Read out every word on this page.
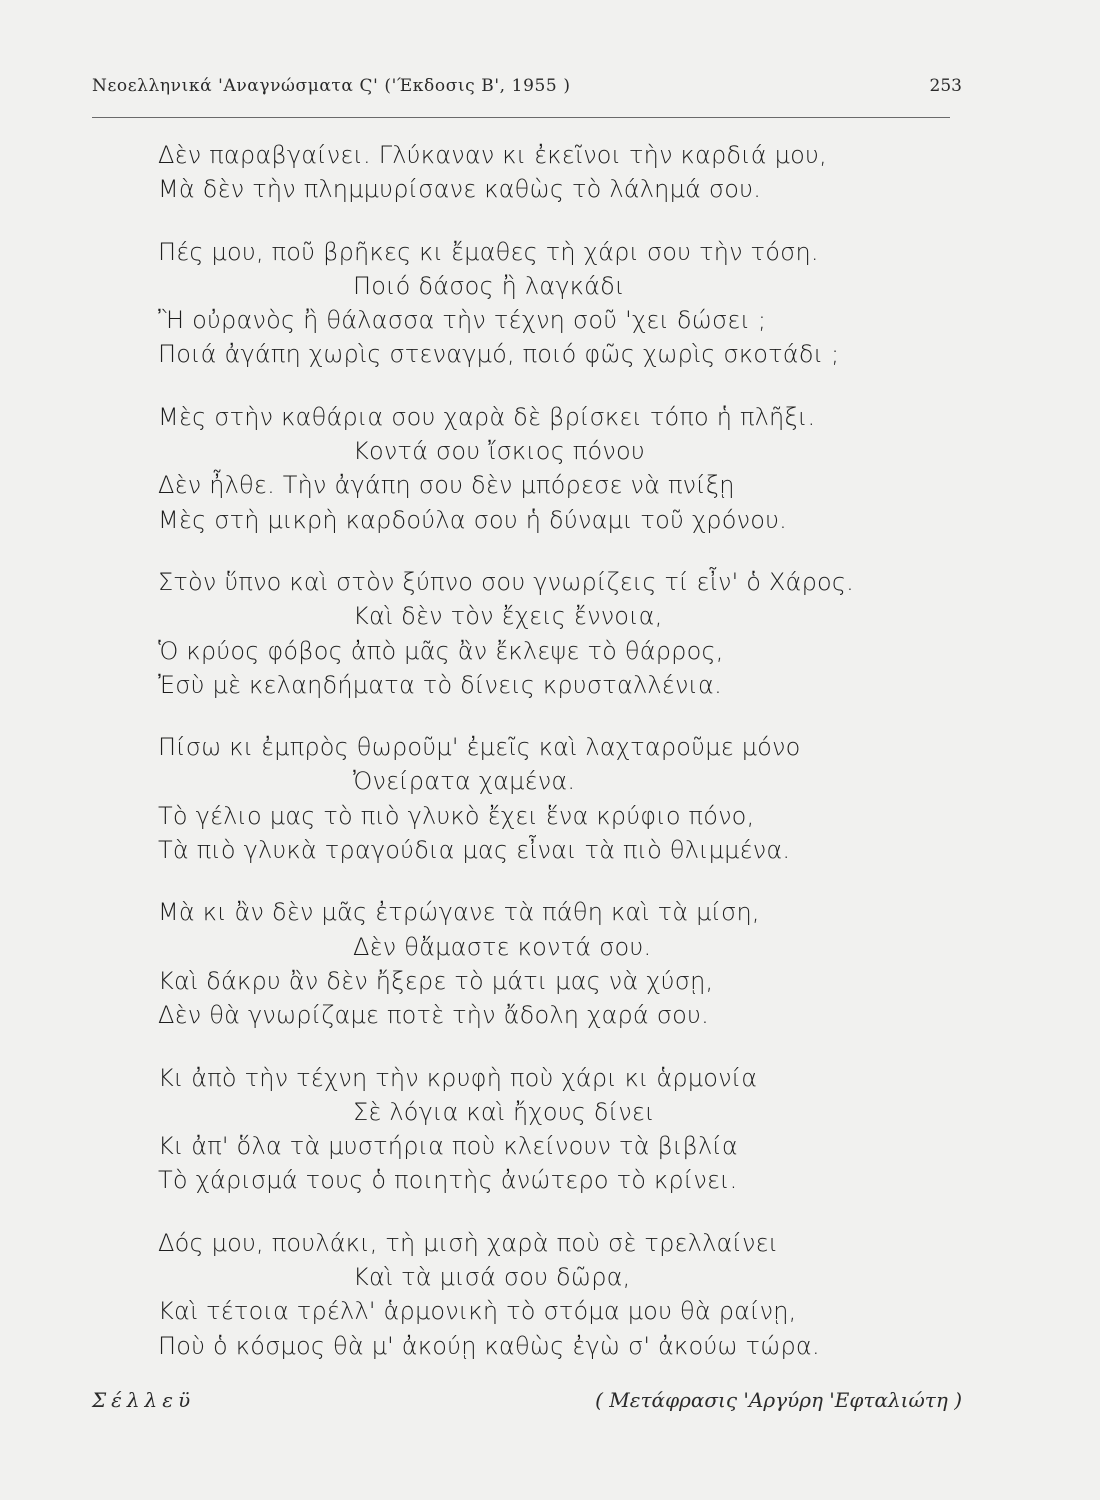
Νεοελληνικά 'Αναγνώσματα Ϛ' ('Έκδοσις Β', 1955 )	253
Δὲν παραβγαίνει. Γλύκαναν κι ἐκεῖνοι τὴν καρδιά μου,
Μὰ δὲν τὴν πλημμυρίσανε καθὼς τὸ λάλημά σου.
Πές μου, ποῦ βρῆκες κι ἔμαθες τὴ χάρι σου τὴν τόση.
Ποιό δάσος ἢ λαγκάδι
Ἢ οὐρανὸς ἢ θάλασσα τὴν τέχνη σοῦ 'χει δώσει ;
Ποιά ἀγάπη χωρὶς στεναγμό, ποιό φῶς χωρὶς σκοτάδι ;
Μὲς στὴν καθάρια σου χαρὰ δὲ βρίσκει τόπο ἡ πλῆξι.
Κοντά σου ἴσκιος πόνου
Δὲν ἦλθε. Τὴν ἀγάπη σου δὲν μπόρεσε νὰ πνίξῃ
Μὲς στὴ μικρὴ καρδούλα σου ἡ δύναμι τοῦ χρόνου.
Στὸν ὕπνο καὶ στὸν ξύπνο σου γνωρίζεις τί εἶν' ὁ Χάρος.
Καὶ δὲν τὸν ἔχεις ἔννοια,
Ὁ κρύος φόβος ἀπὸ μᾶς ἂν ἔκλεψε τὸ θάρρος,
Ἐσὺ μὲ κελαηδήματα τὸ δίνεις κρυσταλλένια.
Πίσω κι ἐμπρὸς θωροῦμ' ἐμεῖς καὶ λαχταροῦμε μόνο
Ὀνείρατα χαμένα.
Τὸ γέλιο μας τὸ πιὸ γλυκὸ ἔχει ἕνα κρύφιο πόνο,
Τὰ πιὸ γλυκὰ τραγούδια μας εἶναι τὰ πιὸ θλιμμένα.
Μὰ κι ἂν δὲν μᾶς ἐτρώγανε τὰ πάθη καὶ τὰ μίση,
Δὲν θἄμαστε κοντά σου.
Καὶ δάκρυ ἂν δὲν ἤξερε τὸ μάτι μας νὰ χύσῃ,
Δὲν θὰ γνωρίζαμε ποτὲ τὴν ἄδολη χαρά σου.
Κι ἀπὸ τὴν τέχνη τὴν κρυφὴ ποὺ χάρι κι ἁρμονία
Σὲ λόγια καὶ ἤχους δίνει
Κι ἀπ' ὅλα τὰ μυστήρια ποὺ κλείνουν τὰ βιβλία
Τὸ χάρισμά τους ὁ ποιητὴς ἀνώτερο τὸ κρίνει.
Δός μου, πουλάκι, τὴ μισὴ χαρὰ ποὺ σὲ τρελλαίνει
Καὶ τὰ μισά σου δῶρα,
Καὶ τέτοια τρέλλ' ἁρμονικὴ τὸ στόμα μου θὰ ραίνῃ,
Ποὺ ὁ κόσμος θὰ μ' ἀκούῃ καθὼς ἐγὼ σ' ἀκούω τώρα.
Σέλλεϋ	( Μετάφρασις 'Αργύρη 'Εφταλιώτη )
